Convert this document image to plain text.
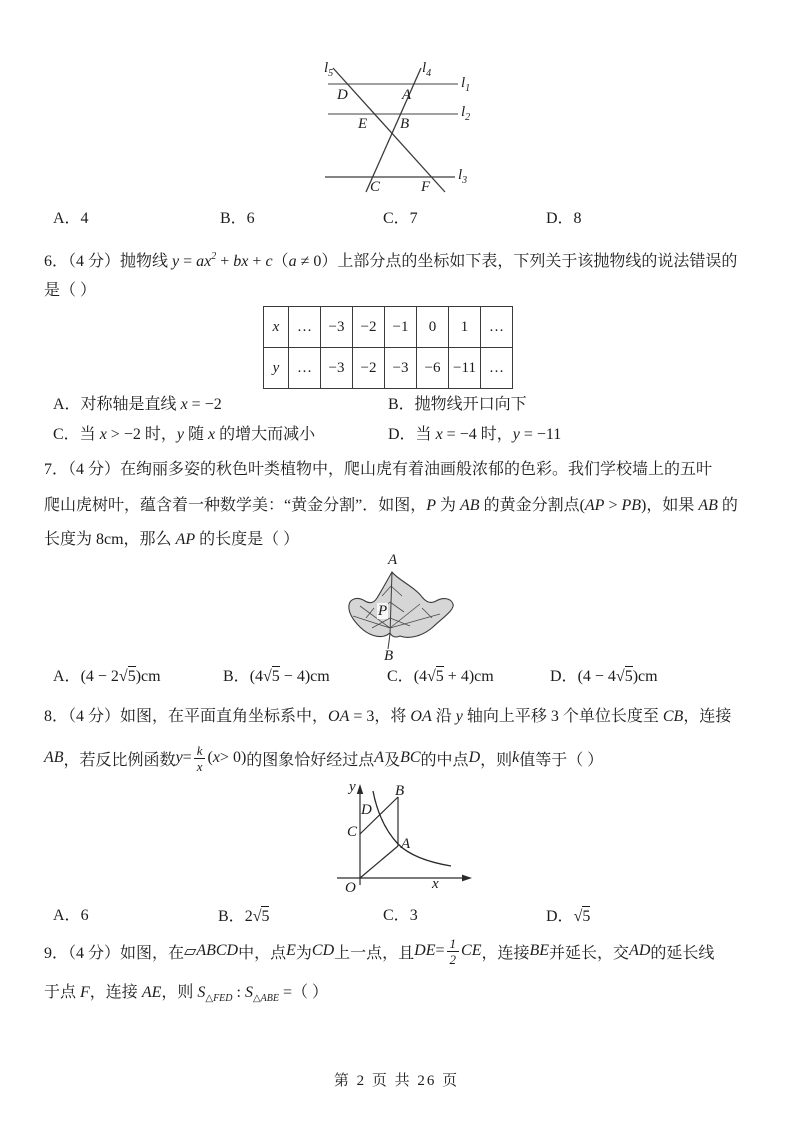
$l_5$	$l_4$
$l_1$
$l_2$
$l_3$
D	A
E B
C	F
A．4	B．6	C．7	D．8
6．（4 分）抛物线 $y = ax^2$ + bx + c（a ≠ 0）上部分点的坐标如下表，下列关于该抛物线的说法错误的
是（ ）
x	…	−3	−2	−1	0	1	…
y	…	−3	−2	−3	−6	−11	…
A．对称轴是直线 x = −2	B．抛物线开口向下
C．当 x > −2 时，y 随 x 的增大而减小	D．当 x = −4 时，y = −11
7．（4 分）在绚丽多姿的秋色叶类植物中，爬山虎有着油画般浓郁的色彩。我们学校墙上的五叶
爬山虎树叶，蕴含着一种数学美：“黄金分割”．如图，P 为 AB 的黄金分割点(AP > PB)，如果 AB 的
长度为 8cm，那么 AP 的长度是（ ）
A
P
B
A．(4 − 2√5)cm	B．(4√5 − 4)cm	C．(4√5 + 4)cm	D．(4 − 4√5)cm
8．（4 分）如图，在平面直角坐标系中，OA = 3，将 OA 沿 y 轴向上平移 3 个单位长度至 CB，连接
AB ，若反比例函数 $y = \frac{k}{x}$ ( x > 0) 的图象恰好经过点 A 及 BC 的中点 D ，则 k 值等于（ ）
y	B
D
C
A
O	x
A．6	B．2√5	C．3	D．√5
9．（4 分）如图，在 ▱ ABCD 中，点 E 为 CD 上一点，且 DE = $\frac{1}{2}$ CE ，连接 BE 并延长，交 AD 的延长线
于点 F，连接 AE，则 $S_{\triangle FED}$ : $S_{\triangle ABE}$ =（ ）
第 2 页 共 26 页
